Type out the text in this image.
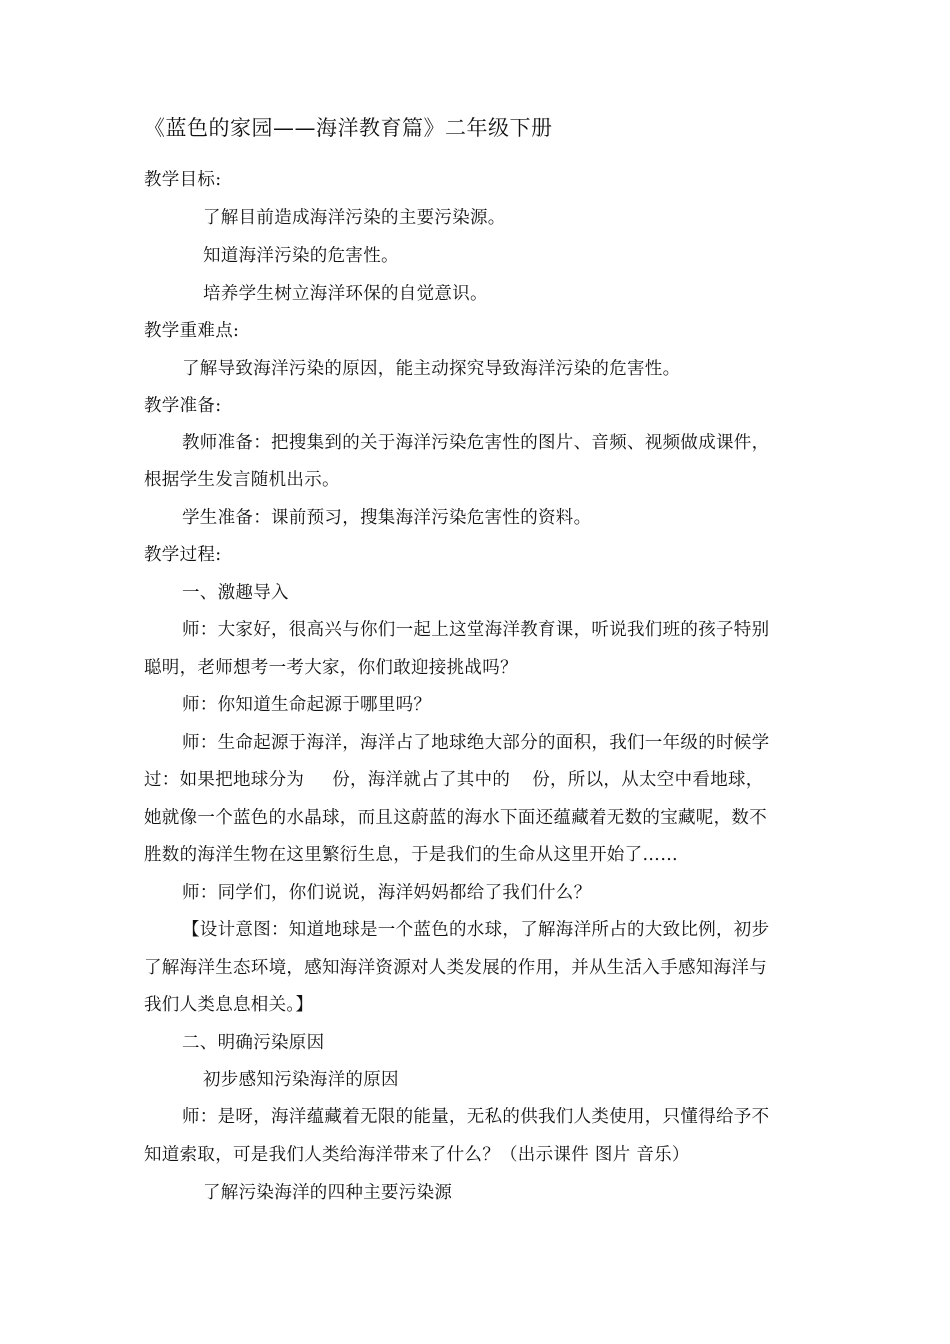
《蓝色的家园——海洋教育篇》二年级下册
教学目标:
了解目前造成海洋污染的主要污染源。
知道海洋污染的危害性。
培养学生树立海洋环保的自觉意识。
教学重难点:
了解导致海洋污染的原因，能主动探究导致海洋污染的危害性。
教学准备:
教师准备：把搜集到的关于海洋污染危害性的图片、音频、视频做成课件，
根据学生发言随机出示。
学生准备：课前预习，搜集海洋污染危害性的资料。
教学过程:
一、激趣导入
师：大家好，很高兴与你们一起上这堂海洋教育课，听说我们班的孩子特别
聪明，老师想考一考大家，你们敢迎接挑战吗？
师：你知道生命起源于哪里吗？
师：生命起源于海洋，海洋占了地球绝大部分的面积，我们一年级的时候学
过：如果把地球分为 份，海洋就占了其中的 份，所以，从太空中看地球，
她就像一个蓝色的水晶球，而且这蔚蓝的海水下面还蕴藏着无数的宝藏呢，数不
胜数的海洋生物在这里繁衍生息，于是我们的生命从这里开始了……
师：同学们，你们说说，海洋妈妈都给了我们什么？
【设计意图：知道地球是一个蓝色的水球，了解海洋所占的大致比例，初步
了解海洋生态环境，感知海洋资源对人类发展的作用，并从生活入手感知海洋与
我们人类息息相关。】
二、明确污染原因
初步感知污染海洋的原因
师：是呀，海洋蕴藏着无限的能量，无私的供我们人类使用，只懂得给予不
知道索取，可是我们人类给海洋带来了什么？（出示课件 图片 音乐）
了解污染海洋的四种主要污染源
